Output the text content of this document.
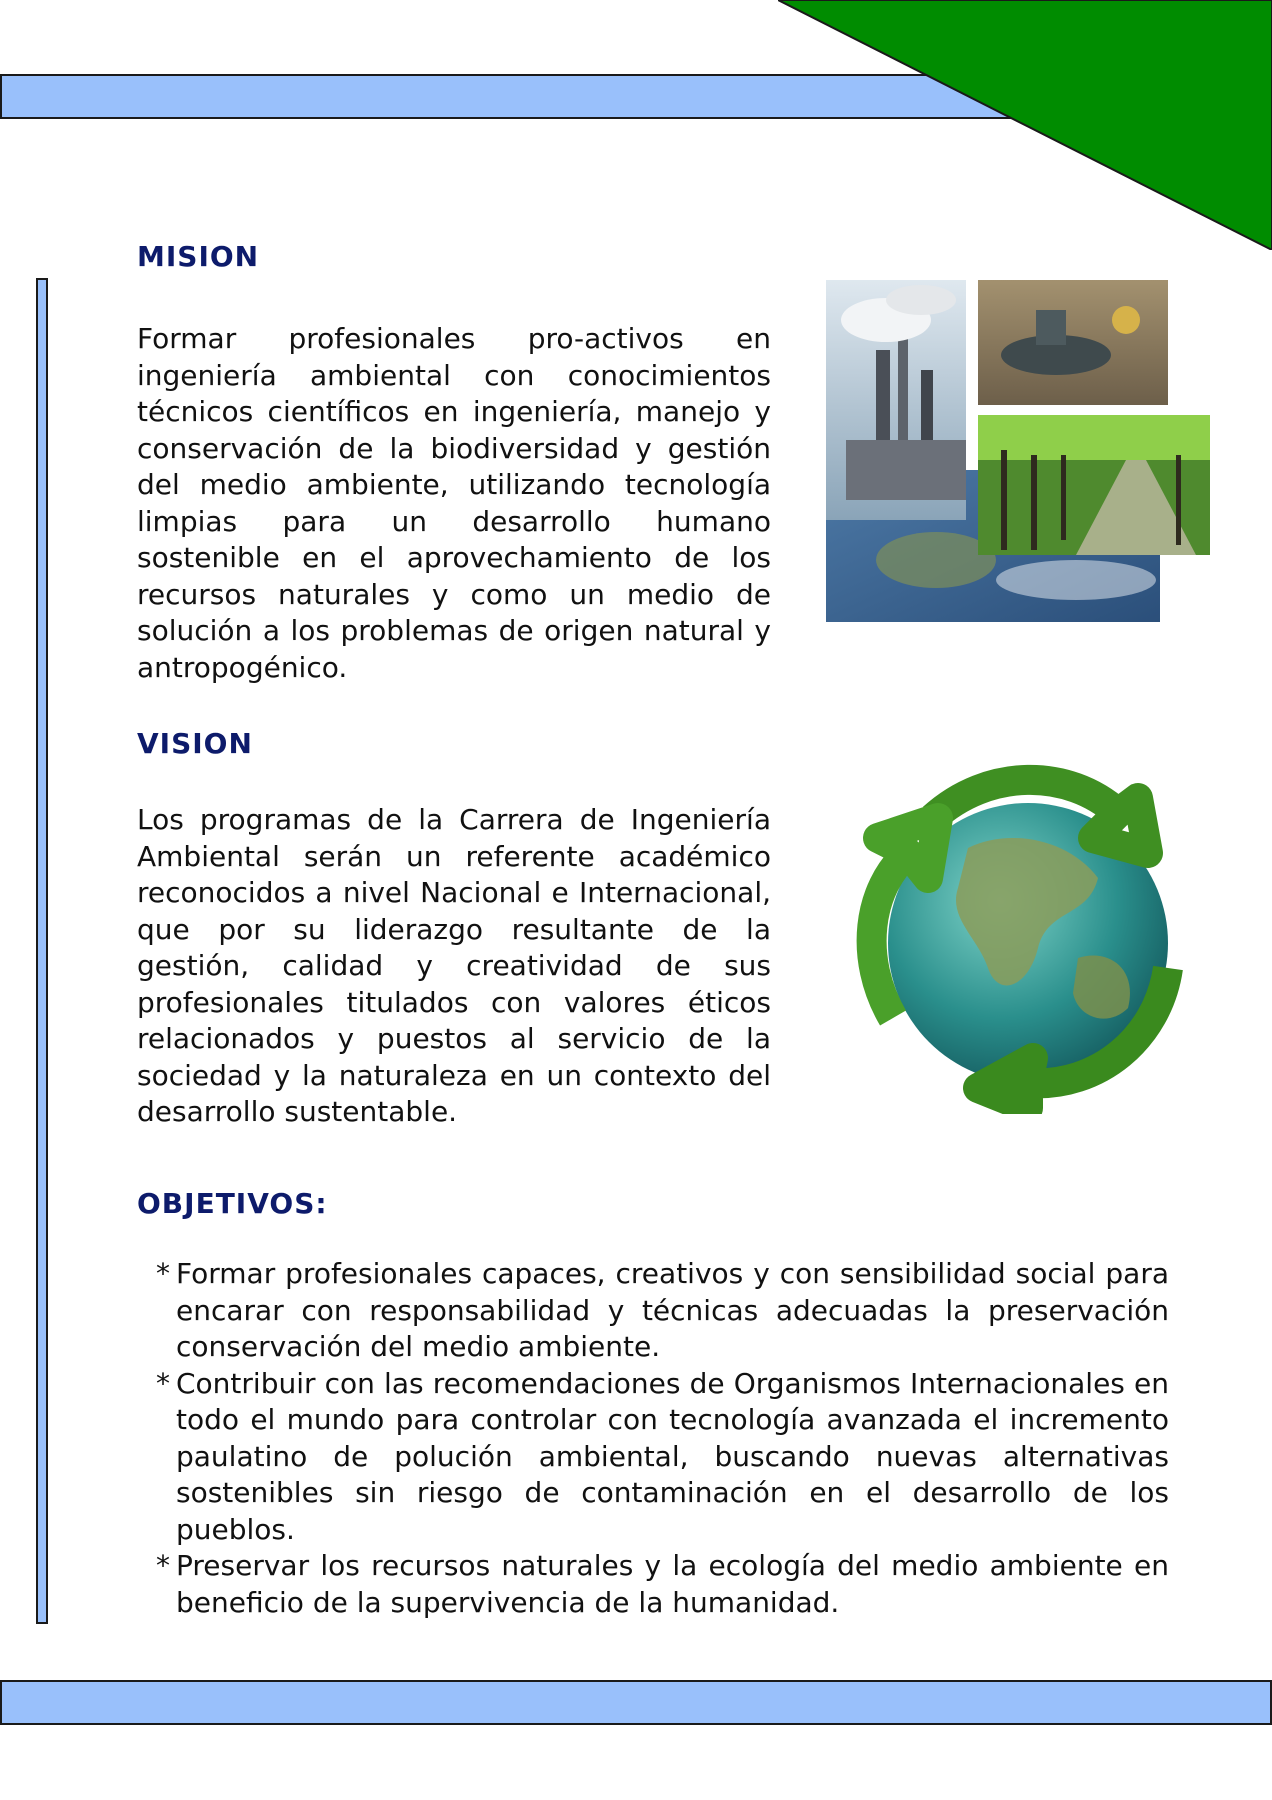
MISION

Formar profesionales pro-activos en ingeniería ambiental con conocimientos técnicos científicos en ingeniería, manejo y conservación de la biodiversidad y gestión del medio ambiente, utilizando tecnología limpias para un desarrollo humano sostenible en el aprovechamiento de los recursos naturales y como un medio de solución a los problemas de origen natural y antropogénico.

VISION

Los programas de la Carrera de Ingeniería Ambiental serán un referente académico reconocidos a nivel Nacional e Internacional, que por su liderazgo resultante de la gestión, calidad y creatividad de sus profesionales titulados con valores éticos relacionados y puestos al servicio de la sociedad y la naturaleza en un contexto del desarrollo sustentable.

OBJETIVOS:
* Formar profesionales capaces, creativos y con sensibilidad social para encarar con responsabilidad y técnicas adecuadas la preservación conservación del medio ambiente.
* Contribuir con las recomendaciones de Organismos Internacionales en todo el mundo para controlar con tecnología avanzada el incremento paulatino de polución ambiental, buscando nuevas alternativas sostenibles sin riesgo de contaminación en el desarrollo de los pueblos.
* Preservar los recursos naturales y la ecología del medio ambiente en beneficio de la supervivencia de la humanidad.
